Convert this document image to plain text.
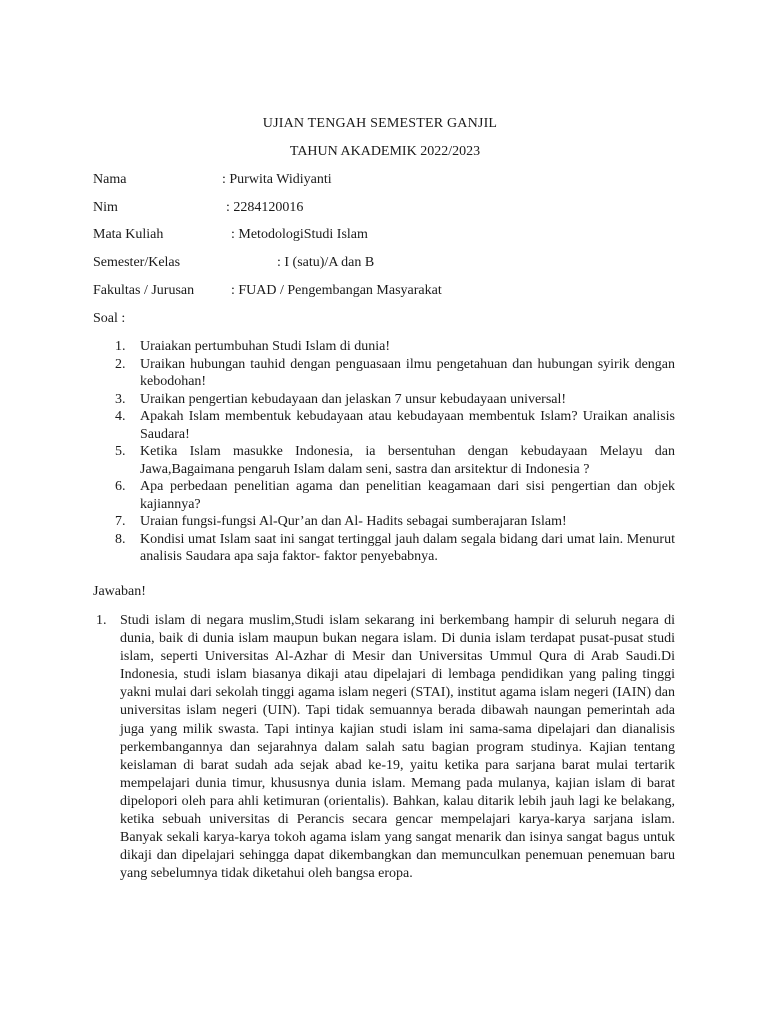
UJIAN TENGAH SEMESTER GANJIL
TAHUN AKADEMIK 2022/2023
Nama	: Purwita Widiyanti
Nim	: 2284120016
Mata Kuliah	: MetodologiStudi Islam
Semester/Kelas	: I (satu)/A dan B
Fakultas / Jurusan	: FUAD / Pengembangan Masyarakat
Soal :
1. Uraiakan pertumbuhan Studi Islam di dunia!
2. Uraikan hubungan tauhid dengan penguasaan ilmu pengetahuan dan hubungan syirik dengan kebodohan!
3. Uraikan pengertian kebudayaan dan jelaskan 7 unsur kebudayaan universal!
4. Apakah Islam membentuk kebudayaan atau kebudayaan membentuk Islam? Uraikan analisis Saudara!
5. Ketika Islam masukke Indonesia, ia bersentuhan dengan kebudayaan Melayu dan Jawa,Bagaimana pengaruh Islam dalam seni, sastra dan arsitektur di Indonesia ?
6. Apa perbedaan penelitian agama dan penelitian keagamaan dari sisi pengertian dan objek kajiannya?
7. Uraian fungsi-fungsi Al-Qur’an dan Al- Hadits sebagai sumberajaran Islam!
8. Kondisi umat Islam saat ini sangat tertinggal jauh dalam segala bidang dari umat lain. Menurut analisis Saudara apa saja faktor- faktor penyebabnya.
Jawaban!
1. Studi islam di negara muslim,Studi islam sekarang ini berkembang hampir di seluruh negara di dunia, baik di dunia islam maupun bukan negara islam. Di dunia islam terdapat pusat-pusat studi islam, seperti Universitas Al-Azhar di Mesir dan Universitas Ummul Qura di Arab Saudi.Di Indonesia, studi islam biasanya dikaji atau dipelajari di lembaga pendidikan yang paling tinggi yakni mulai dari sekolah tinggi agama islam negeri (STAI), institut agama islam negeri (IAIN) dan universitas islam negeri (UIN). Tapi tidak semuannya berada dibawah naungan pemerintah ada juga yang milik swasta. Tapi intinya kajian studi islam ini sama-sama dipelajari dan dianalisis perkembangannya dan sejarahnya dalam salah satu bagian program studinya. Kajian tentang keislaman di barat sudah ada sejak abad ke-19, yaitu ketika para sarjana barat mulai tertarik mempelajari dunia timur, khususnya dunia islam. Memang pada mulanya, kajian islam di barat dipelopori oleh para ahli ketimuran (orientalis). Bahkan, kalau ditarik lebih jauh lagi ke belakang, ketika sebuah universitas di Perancis secara gencar mempelajari karya-karya sarjana islam. Banyak sekali karya-karya tokoh agama islam yang sangat menarik dan isinya sangat bagus untuk dikaji dan dipelajari sehingga dapat dikembangkan dan memunculkan penemuan penemuan baru yang sebelumnya tidak diketahui oleh bangsa eropa.
